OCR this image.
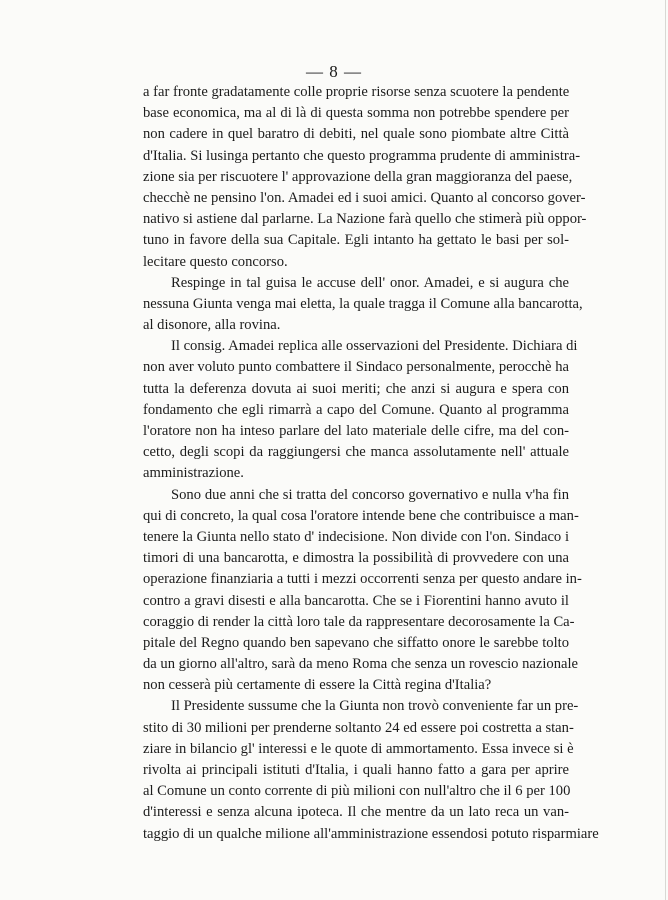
— 8 —
a far fronte gradatamente colle proprie risorse senza scuotere la pendente
base economica, ma al di là di questa somma non potrebbe spendere per
non cadere in quel baratro di debiti, nel quale sono piombate altre Città
d'Italia. Si lusinga pertanto che questo programma prudente di amministra-
zione sia per riscuotere l' approvazione della gran maggioranza del paese,
checchè ne pensino l'on. Amadei ed i suoi amici. Quanto al concorso gover-
nativo si astiene dal parlarne. La Nazione farà quello che stimerà più oppor-
tuno in favore della sua Capitale. Egli intanto ha gettato le basi per sol-
lecitare questo concorso.
Respinge in tal guisa le accuse dell' onor. Amadei, e si augura che
nessuna Giunta venga mai eletta, la quale tragga il Comune alla bancarotta,
al disonore, alla rovina.
Il consig. Amadei replica alle osservazioni del Presidente. Dichiara di
non aver voluto punto combattere il Sindaco personalmente, perocchè ha
tutta la deferenza dovuta ai suoi meriti; che anzi si augura e spera con
fondamento che egli rimarrà a capo del Comune. Quanto al programma
l'oratore non ha inteso parlare del lato materiale delle cifre, ma del con-
cetto, degli scopi da raggiungersi che manca assolutamente nell' attuale
amministrazione.
Sono due anni che si tratta del concorso governativo e nulla v'ha fin
qui di concreto, la qual cosa l'oratore intende bene che contribuisce a man-
tenere la Giunta nello stato d' indecisione. Non divide con l'on. Sindaco i
timori di una bancarotta, e dimostra la possibilità di provvedere con una
operazione finanziaria a tutti i mezzi occorrenti senza per questo andare in-
contro a gravi disesti e alla bancarotta. Che se i Fiorentini hanno avuto il
coraggio di render la città loro tale da rappresentare decorosamente la Ca-
pitale del Regno quando ben sapevano che siffatto onore le sarebbe tolto
da un giorno all'altro, sarà da meno Roma che senza un rovescio nazionale
non cesserà più certamente di essere la Città regina d'Italia?
Il Presidente sussume che la Giunta non trovò conveniente far un pre-
stito di 30 milioni per prenderne soltanto 24 ed essere poi costretta a stan-
ziare in bilancio gl' interessi e le quote di ammortamento. Essa invece si è
rivolta ai principali istituti d'Italia, i quali hanno fatto a gara per aprire
al Comune un conto corrente di più milioni con null'altro che il 6 per 100
d'interessi e senza alcuna ipoteca. Il che mentre da un lato reca un van-
taggio di un qualche milione all'amministrazione essendosi potuto risparmiare
